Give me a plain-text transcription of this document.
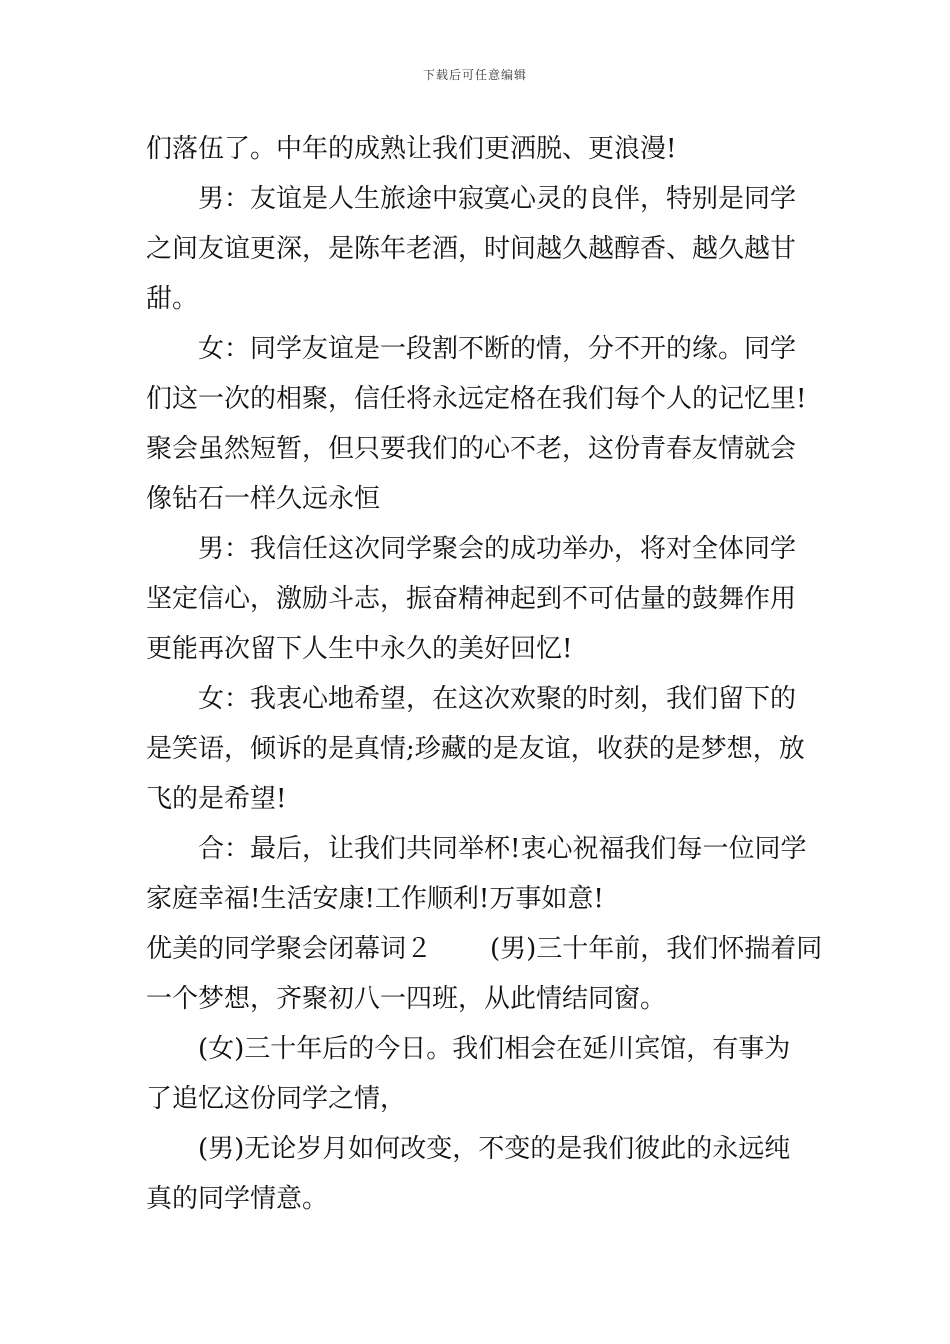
下载后可任意编辑
们落伍了。中年的成熟让我们更洒脱、更浪漫!
男：友谊是人生旅途中寂寞心灵的良伴，特别是同学
之间友谊更深，是陈年老酒，时间越久越醇香、越久越甘
甜。
女：同学友谊是一段割不断的情，分不开的缘。同学
们这一次的相聚，信任将永远定格在我们每个人的记忆里!
聚会虽然短暂，但只要我们的心不老，这份青春友情就会
像钻石一样久远永恒
男：我信任这次同学聚会的成功举办，将对全体同学
坚定信心，激励斗志，振奋精神起到不可估量的鼓舞作用
更能再次留下人生中永久的美好回忆!
女：我衷心地希望，在这次欢聚的时刻，我们留下的
是笑语，倾诉的是真情;珍藏的是友谊，收获的是梦想，放
飞的是希望!
合：最后，让我们共同举杯!衷心祝福我们每一位同学
家庭幸福!生活安康!工作顺利!万事如意!
优美的同学聚会闭幕词２ (男)三十年前，我们怀揣着同
一个梦想，齐聚初八一四班，从此情结同窗。
(女)三十年后的今日。我们相会在延川宾馆，有事为
了追忆这份同学之情，
(男)无论岁月如何改变，不变的是我们彼此的永远纯
真的同学情意。
